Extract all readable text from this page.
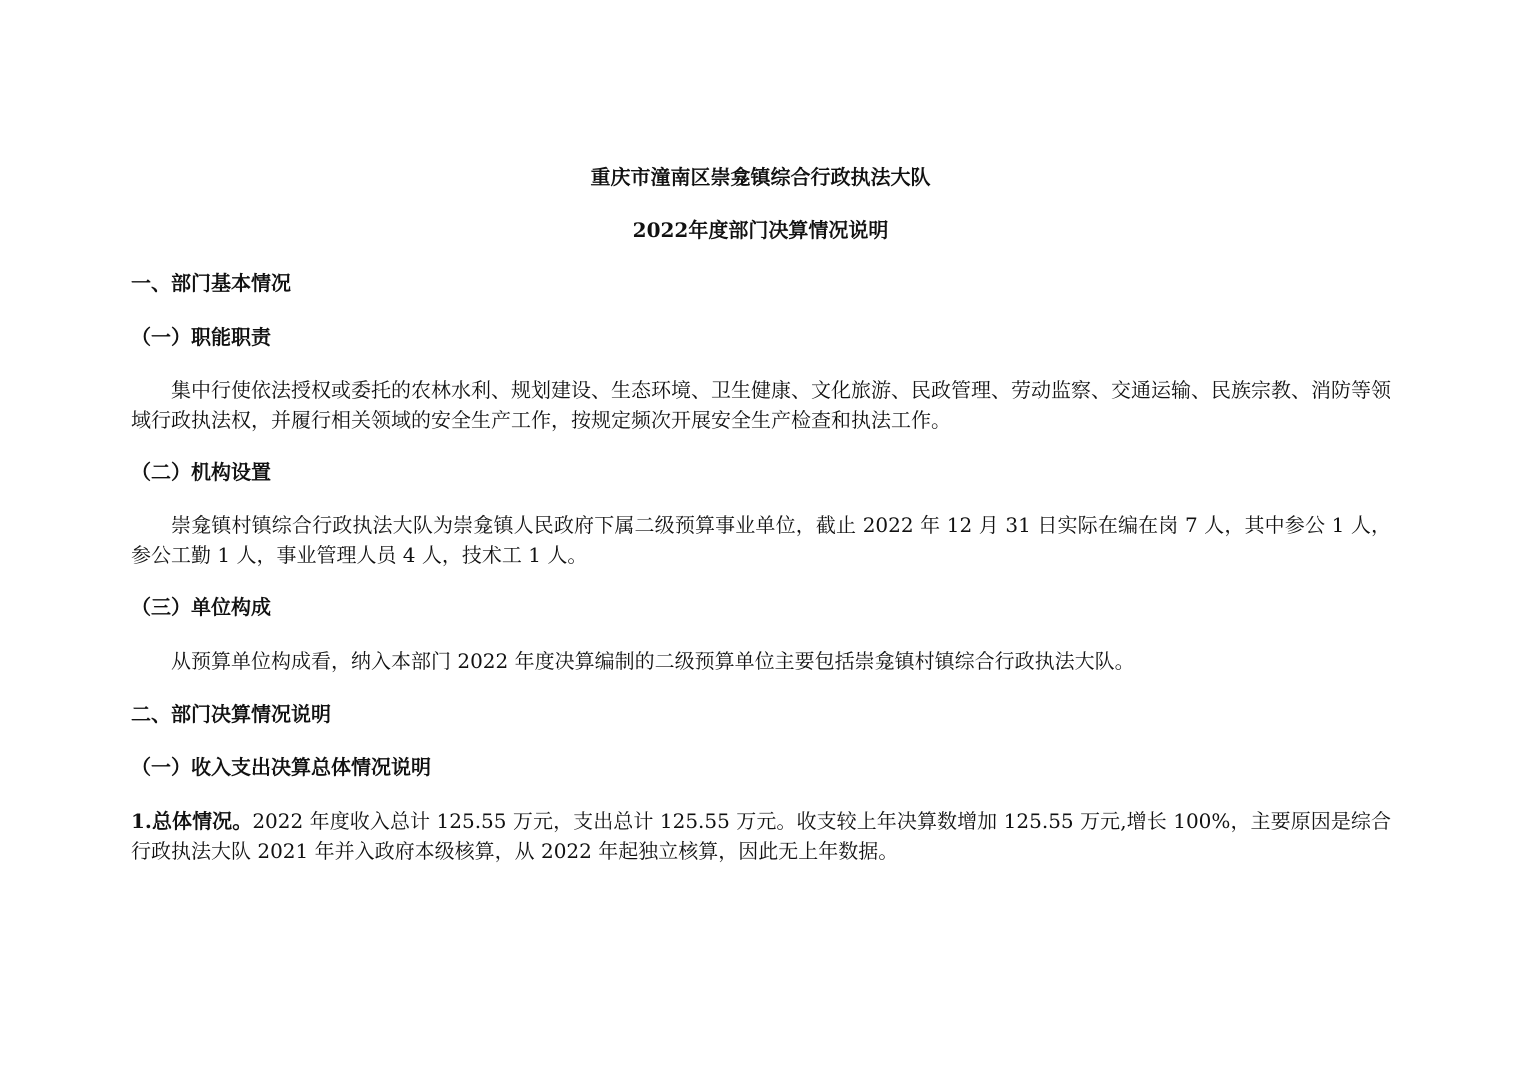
重庆市潼南区崇龛镇综合行政执法大队
2022年度部门决算情况说明
一、部门基本情况
（一）职能职责
集中行使依法授权或委托的农林水利、规划建设、生态环境、卫生健康、文化旅游、民政管理、劳动监察、交通运输、民族宗教、消防等领域行政执法权，并履行相关领域的安全生产工作，按规定频次开展安全生产检查和执法工作。
（二）机构设置
崇龛镇村镇综合行政执法大队为崇龛镇人民政府下属二级预算事业单位，截止 2022 年 12 月 31 日实际在编在岗 7 人，其中参公 1 人，参公工勤 1 人，事业管理人员 4 人，技术工 1 人。
（三）单位构成
从预算单位构成看，纳入本部门 2022 年度决算编制的二级预算单位主要包括崇龛镇村镇综合行政执法大队。
二、部门决算情况说明
（一）收入支出决算总体情况说明
1.总体情况。2022 年度收入总计 125.55 万元，支出总计 125.55 万元。收支较上年决算数增加 125.55 万元,增长 100%，主要原因是综合行政执法大队 2021 年并入政府本级核算，从 2022 年起独立核算，因此无上年数据。
